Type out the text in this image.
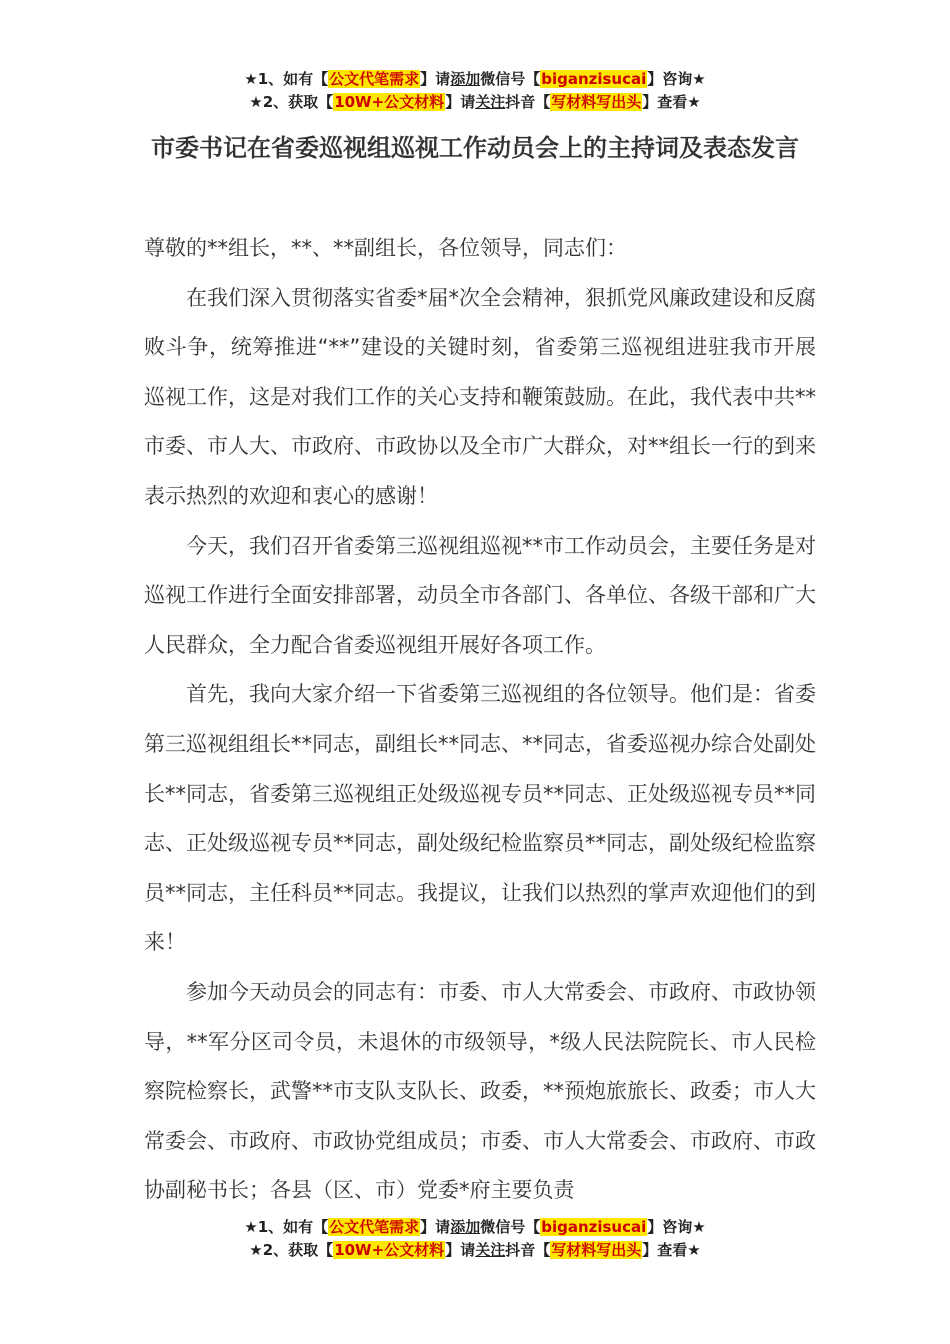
★1、如有【公文代笔需求】请添加微信号【biganzisucai】咨询★
★2、获取【10W+公文材料】请关注抖音【写材料写出头】查看★
市委书记在省委巡视组巡视工作动员会上的主持词及表态发言

尊敬的**组长，**、**副组长，各位领导，同志们：

在我们深入贯彻落实省委*届*次全会精神，狠抓党风廉政建设和反腐败斗争，统筹推进“**”建设的关键时刻，省委第三巡视组进驻我市开展巡视工作，这是对我们工作的关心支持和鞭策鼓励。在此，我代表中共**市委、市人大、市政府、市政协以及全市广大群众，对**组长一行的到来表示热烈的欢迎和衷心的感谢！

今天，我们召开省委第三巡视组巡视**市工作动员会，主要任务是对巡视工作进行全面安排部署，动员全市各部门、各单位、各级干部和广大人民群众，全力配合省委巡视组开展好各项工作。

首先，我向大家介绍一下省委第三巡视组的各位领导。他们是：省委第三巡视组组长**同志，副组长**同志、**同志，省委巡视办综合处副处长**同志，省委第三巡视组正处级巡视专员**同志、正处级巡视专员**同志、正处级巡视专员**同志，副处级纪检监察员**同志，副处级纪检监察员**同志，主任科员**同志。我提议，让我们以热烈的掌声欢迎他们的到来！

参加今天动员会的同志有：市委、市人大常委会、市政府、市政协领导，**军分区司令员，未退休的市级领导，*级人民法院院长、市人民检察院检察长，武警**市支队支队长、政委，**预炮旅旅长、政委；市人大常委会、市政府、市政协党组成员；市委、市人大常委会、市政府、市政协副秘书长；各县（区、市）党委*府主要负责

★1、如有【公文代笔需求】请添加微信号【biganzisucai】咨询★
★2、获取【10W+公文材料】请关注抖音【写材料写出头】查看★
